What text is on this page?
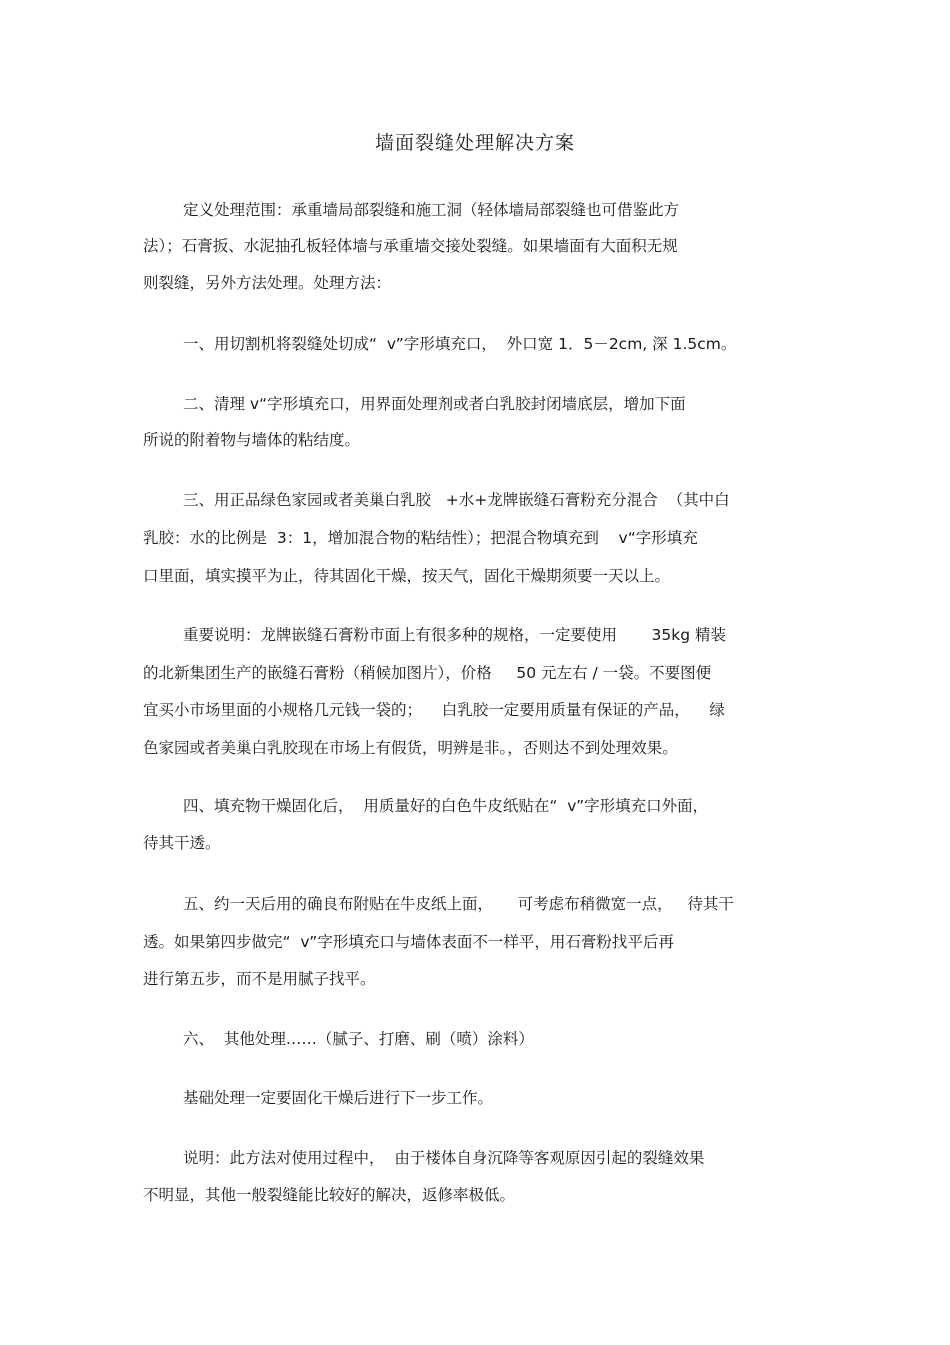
墙面裂缝处理解决方案
定义处理范围：承重墙局部裂缝和施工洞（轻体墙局部裂缝也可借鉴此方
法）；石膏扳、水泥抽孔板轻体墙与承重墙交接处裂缝。如果墙面有大面积无规
则裂缝，另外方法处理。处理方法：
一、用切割机将裂缝处切成“  v”字形填充口，  外口宽 1．5－2cm, 深 1.5cm。
二、清理 v“字形填充口，用界面处理剂或者白乳胶封闭墙底层，增加下面
所说的附着物与墙体的粘结度。
三、用正品绿色家园或者美巢白乳胶   +水+龙牌嵌缝石膏粉充分混合  （其中白
乳胶：水的比例是  3：1，增加混合物的粘结性）；把混合物填充到    v“字形填充
口里面，填实摸平为止，待其固化干燥，按天气，固化干燥期须要一天以上。
重要说明：龙牌嵌缝石膏粉市面上有很多种的规格，一定要使用       35kg 精装
的北新集团生产的嵌缝石膏粉（稍候加图片），价格     50 元左右 / 一袋。不要图便
宜买小市场里面的小规格几元钱一袋的；    白乳胶一定要用质量有保证的产品，    绿
色家园或者美巢白乳胶现在市场上有假货，明辨是非。，否则达不到处理效果。
四、填充物干燥固化后，  用质量好的白色牛皮纸贴在“  v”字形填充口外面，
待其干透。
五、约一天后用的确良布附贴在牛皮纸上面，     可考虑布稍微宽一点，   待其干
透。如果第四步做完“  v”字形填充口与墙体表面不一样平，用石膏粉找平后再
进行第五步，而不是用腻子找平。
六、  其他处理……（腻子、打磨、刷（喷）涂料）
基础处理一定要固化干燥后进行下一步工作。
说明：此方法对使用过程中，  由于楼体自身沉降等客观原因引起的裂缝效果
不明显，其他一般裂缝能比较好的解决，返修率极低。
